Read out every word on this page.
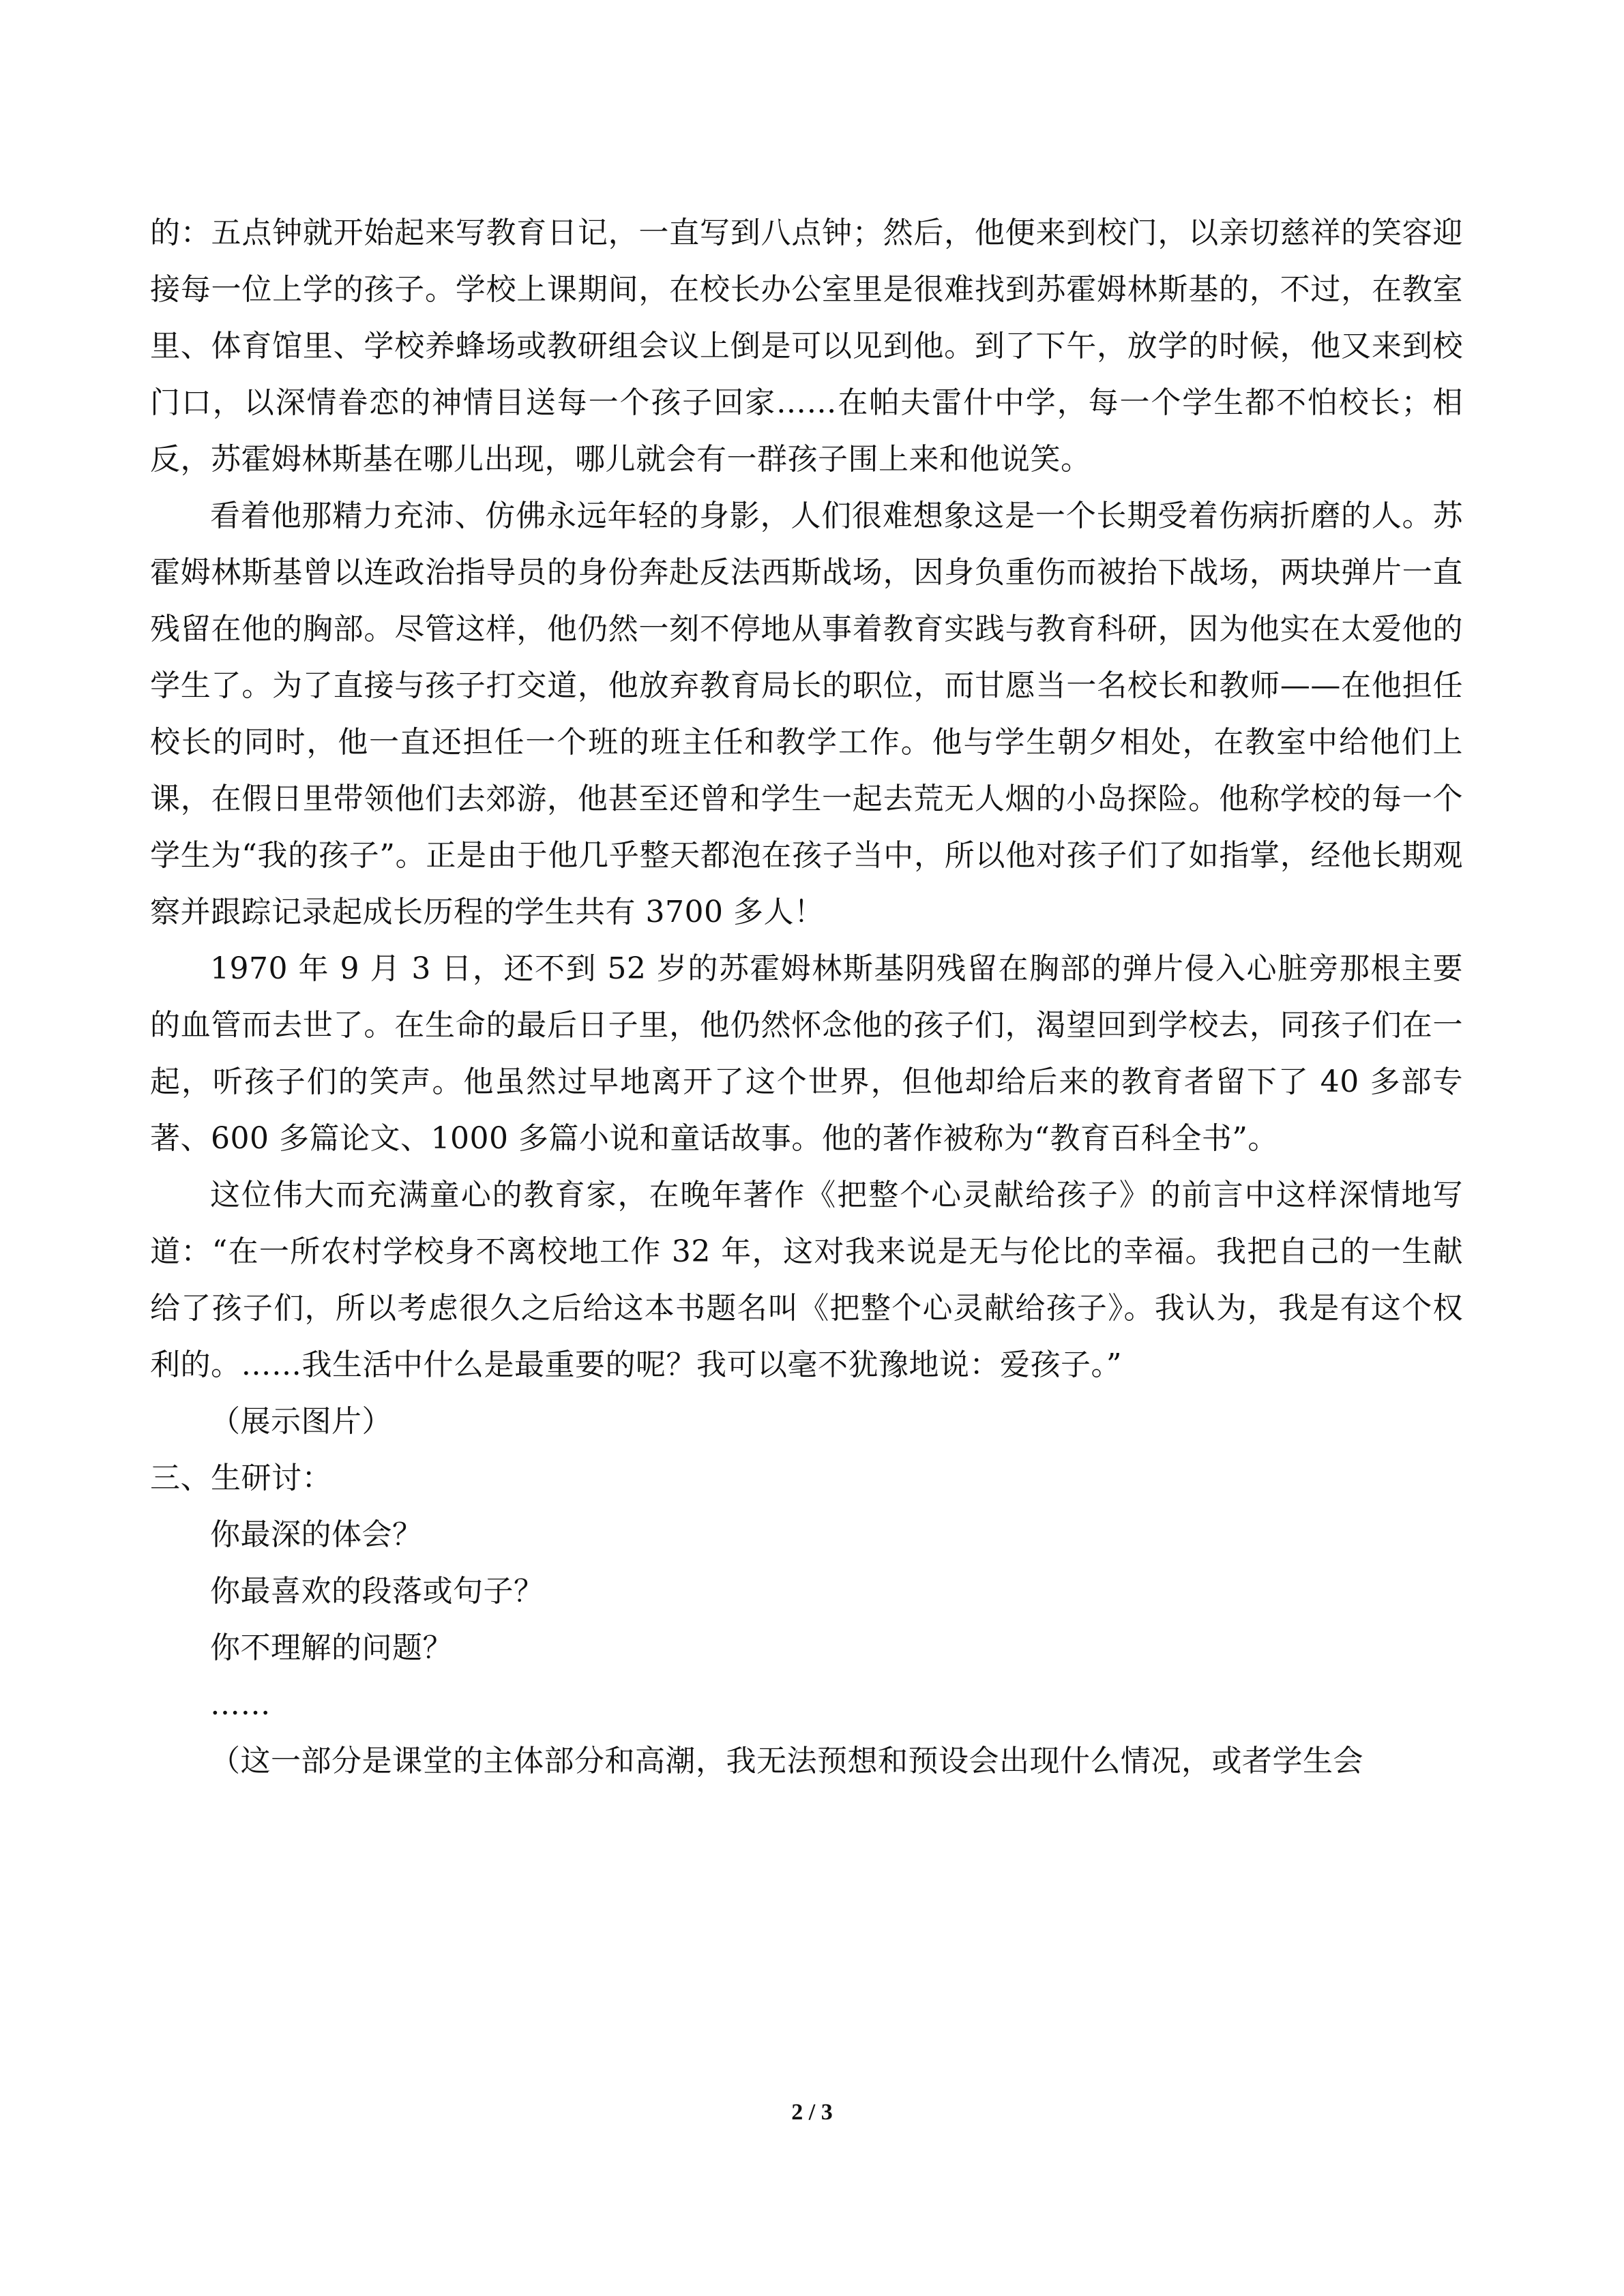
的：五点钟就开始起来写教育日记，一直写到八点钟；然后，他便来到校门，以亲切慈祥的笑容迎接每一位上学的孩子。学校上课期间，在校长办公室里是很难找到苏霍姆林斯基的，不过，在教室里、体育馆里、学校养蜂场或教研组会议上倒是可以见到他。到了下午，放学的时候，他又来到校门口，以深情眷恋的神情目送每一个孩子回家……在帕夫雷什中学，每一个学生都不怕校长；相反，苏霍姆林斯基在哪儿出现，哪儿就会有一群孩子围上来和他说笑。

看着他那精力充沛、仿佛永远年轻的身影，人们很难想象这是一个长期受着伤病折磨的人。苏霍姆林斯基曾以连政治指导员的身份奔赴反法西斯战场，因身负重伤而被抬下战场，两块弹片一直残留在他的胸部。尽管这样，他仍然一刻不停地从事着教育实践与教育科研，因为他实在太爱他的学生了。为了直接与孩子打交道，他放弃教育局长的职位，而甘愿当一名校长和教师——在他担任校长的同时，他一直还担任一个班的班主任和教学工作。他与学生朝夕相处，在教室中给他们上课，在假日里带领他们去郊游，他甚至还曾和学生一起去荒无人烟的小岛探险。他称学校的每一个学生为“我的孩子”。正是由于他几乎整天都泡在孩子当中，所以他对孩子们了如指掌，经他长期观察并跟踪记录起成长历程的学生共有 3700 多人！

1970 年 9 月 3 日，还不到 52 岁的苏霍姆林斯基阴残留在胸部的弹片侵入心脏旁那根主要的血管而去世了。在生命的最后日子里，他仍然怀念他的孩子们，渴望回到学校去，同孩子们在一起，听孩子们的笑声。他虽然过早地离开了这个世界，但他却给后来的教育者留下了 40 多部专著、600 多篇论文、1000 多篇小说和童话故事。他的著作被称为“教育百科全书”。

这位伟大而充满童心的教育家，在晚年著作《把整个心灵献给孩子》的前言中这样深情地写道：“在一所农村学校身不离校地工作 32 年，这对我来说是无与伦比的幸福。我把自己的一生献给了孩子们，所以考虑很久之后给这本书题名叫《把整个心灵献给孩子》。我认为，我是有这个权利的。……我生活中什么是最重要的呢？我可以毫不犹豫地说：爱孩子。”

（展示图片）

三、生研讨：

你最深的体会？

你最喜欢的段落或句子？

你不理解的问题？

……

（这一部分是课堂的主体部分和高潮，我无法预想和预设会出现什么情况，或者学生会

2 / 3
